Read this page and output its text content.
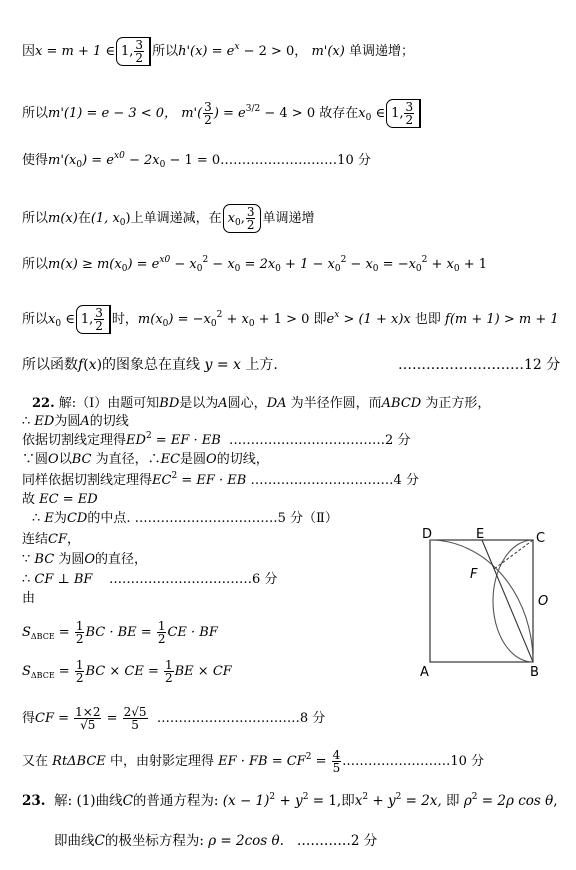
因x = m + 1 ∈ 1, $\frac{3}{2}$ 所以$h'(x) = e^x - 2 > 0$， m'(x) 单调递增；
所以m'(1) = e − 3 < 0， $m'( \frac{3}{2}$ ) = $e^{3/2} - 4 > 0$ 故存在$x_0$ ∈ 1, $\frac{3}{2}$
使得$m'(x_0) = e^{x0} - 2x_0 - 1$ = 0………………………10 分
所以m(x)在(1, $x_0$)上单调递减，在 $x_0$, $\frac{3}{2}$ 单调递增
所以$m(x) \ge m(x_0) = e^{x0} - x_0^2 - x_0 = 2x_0 + 1 - x_0^2 - x_0 = -x_0^2 + x_0 + 1$
所以$x_0$ ∈ 1, $\frac{3}{2}$ 时，$m(x_0) = -x_0^2 + x_0 + 1 > 0$ 即$e^x > (1 + x)x$ 也即 f(m + 1) > m + 1
所以函数f(x)的图象总在直线 y = x 上方.	………………………12 分
22. 解:（Ⅰ）由题可知BD是以为A圆心，DA 为半径作圆，而ABCD 为正方形，
∴ ED为圆A的切线
依据切割线定理得$ED^2$ = EF · EB ………………………………2 分
∵圆O以BC 为直径，∴EC是圆O的切线，
同样依据切割线定理得$EC^2$ = EF · EB ……………………………4 分
故 EC = ED
∴ E为CD的中点. ……………………………5 分（Ⅱ）
连结CF，
∵ BC 为圆O的直径，
∴ CF ⊥ BF ……………………………6 分
由
$S_{\Delta BCE} = \frac{1}{2}$ BC · BE = $\frac{1}{2}$ CE · BF
$S_{\Delta BCE} = \frac{1}{2}$ BC × CE = $\frac{1}{2}$ BE × CF
得CF = $\frac{1\times 2}{√5} = \frac{2√5}{5}$ ……………………………8 分
又在 RtΔBCE 中，由射影定理得 EF · FB = $CF^2 = \frac{4}{5}$ .……………………10 分
23. 解: (1)曲线C的普通方程为: $(x - 1)^2 + y^2 = 1$,即$x^2 + y^2 = 2x$, 即 $\rho^2 = 2\rho$ cos θ,
即曲线C的极坐标方程为: ρ = 2cos θ. …………2 分
D	E	C
F
O
A	B
